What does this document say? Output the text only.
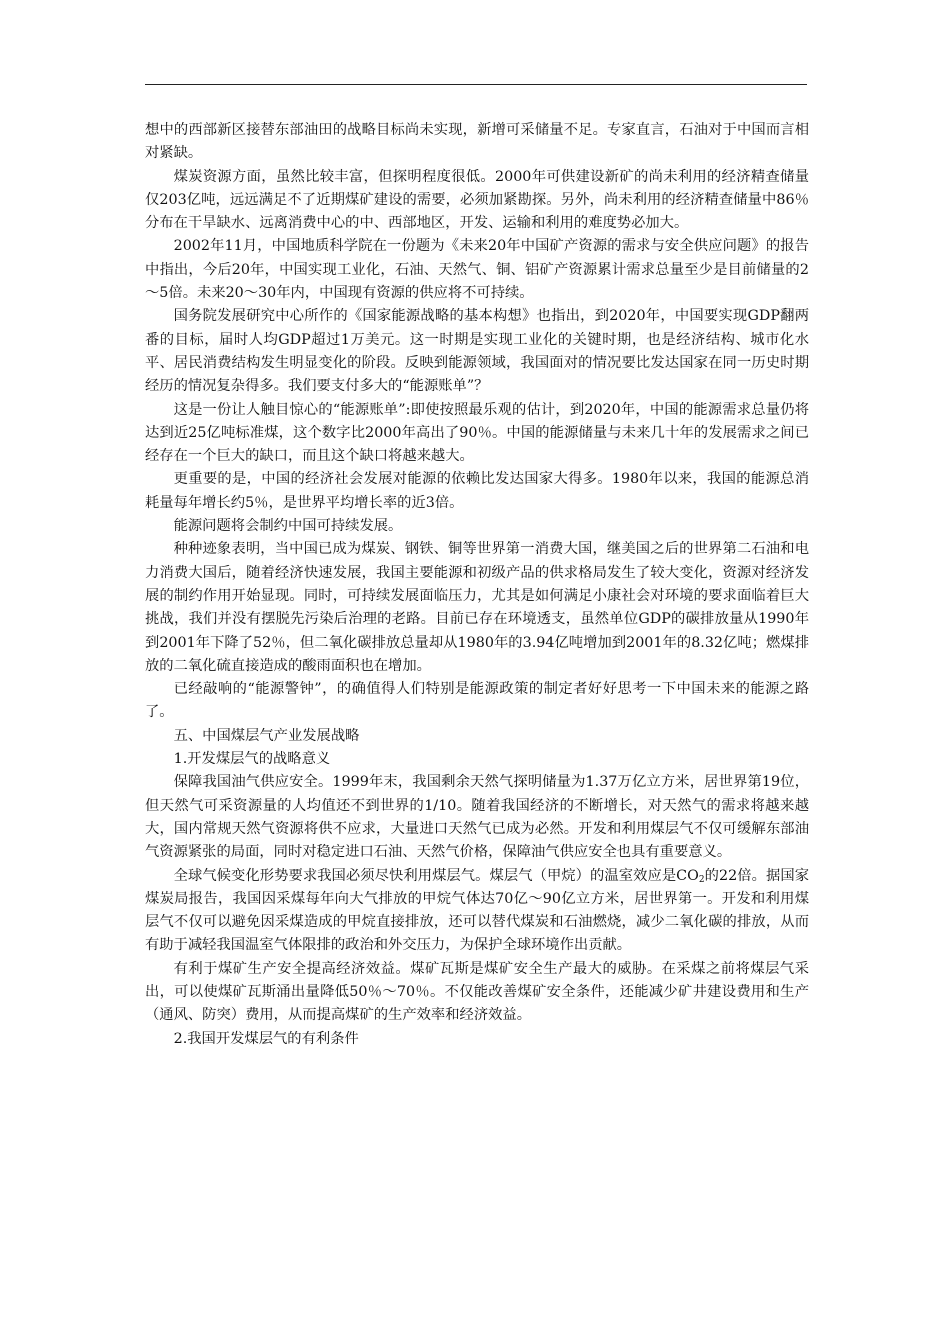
想中的西部新区接替东部油田的战略目标尚未实现，新增可采储量不足。专家直言，石油对于中国而言相对紧缺。

煤炭资源方面，虽然比较丰富，但探明程度很低。2000年可供建设新矿的尚未利用的经济精查储量仅203亿吨，远远满足不了近期煤矿建设的需要，必须加紧勘探。另外，尚未利用的经济精查储量中86％分布在干旱缺水、远离消费中心的中、西部地区，开发、运输和利用的难度势必加大。

2002年11月，中国地质科学院在一份题为《未来20年中国矿产资源的需求与安全供应问题》的报告中指出，今后20年，中国实现工业化，石油、天然气、铜、铝矿产资源累计需求总量至少是目前储量的2～5倍。未来20～30年内，中国现有资源的供应将不可持续。

国务院发展研究中心所作的《国家能源战略的基本构想》也指出，到2020年，中国要实现GDP翻两番的目标，届时人均GDP超过1万美元。这一时期是实现工业化的关键时期，也是经济结构、城市化水平、居民消费结构发生明显变化的阶段。反映到能源领域，我国面对的情况要比发达国家在同一历史时期经历的情况复杂得多。我们要支付多大的“能源账单”？

这是一份让人触目惊心的“能源账单”:即使按照最乐观的估计，到2020年，中国的能源需求总量仍将达到近25亿吨标准煤，这个数字比2000年高出了90％。中国的能源储量与未来几十年的发展需求之间已经存在一个巨大的缺口，而且这个缺口将越来越大。

更重要的是，中国的经济社会发展对能源的依赖比发达国家大得多。1980年以来，我国的能源总消耗量每年增长约5％，是世界平均增长率的近3倍。

能源问题将会制约中国可持续发展。

种种迹象表明，当中国已成为煤炭、钢铁、铜等世界第一消费大国，继美国之后的世界第二石油和电力消费大国后，随着经济快速发展，我国主要能源和初级产品的供求格局发生了较大变化，资源对经济发展的制约作用开始显现。同时，可持续发展面临压力，尤其是如何满足小康社会对环境的要求面临着巨大挑战，我们并没有摆脱先污染后治理的老路。目前已存在环境透支，虽然单位GDP的碳排放量从1990年到2001年下降了52％，但二氧化碳排放总量却从1980年的3.94亿吨增加到2001年的8.32亿吨；燃煤排放的二氧化硫直接造成的酸雨面积也在增加。

已经敲响的“能源警钟”，的确值得人们特别是能源政策的制定者好好思考一下中国未来的能源之路了。

五、中国煤层气产业发展战略

1.开发煤层气的战略意义

保障我国油气供应安全。1999年末，我国剩余天然气探明储量为1.37万亿立方米，居世界第19位，但天然气可采资源量的人均值还不到世界的1/10。随着我国经济的不断增长，对天然气的需求将越来越大，国内常规天然气资源将供不应求，大量进口天然气已成为必然。开发和利用煤层气不仅可缓解东部油气资源紧张的局面，同时对稳定进口石油、天然气价格，保障油气供应安全也具有重要意义。

全球气候变化形势要求我国必须尽快利用煤层气。煤层气（甲烷）的温室效应是$CO_2$的22倍。据国家煤炭局报告，我国因采煤每年向大气排放的甲烷气体达70亿～90亿立方米，居世界第一。开发和利用煤层气不仅可以避免因采煤造成的甲烷直接排放，还可以替代煤炭和石油燃烧，减少二氧化碳的排放，从而有助于减轻我国温室气体限排的政治和外交压力，为保护全球环境作出贡献。

有利于煤矿生产安全提高经济效益。煤矿瓦斯是煤矿安全生产最大的威胁。在采煤之前将煤层气采出，可以使煤矿瓦斯涌出量降低50％～70％。不仅能改善煤矿安全条件，还能减少矿井建设费用和生产（通风、防突）费用，从而提高煤矿的生产效率和经济效益。

2.我国开发煤层气的有利条件
